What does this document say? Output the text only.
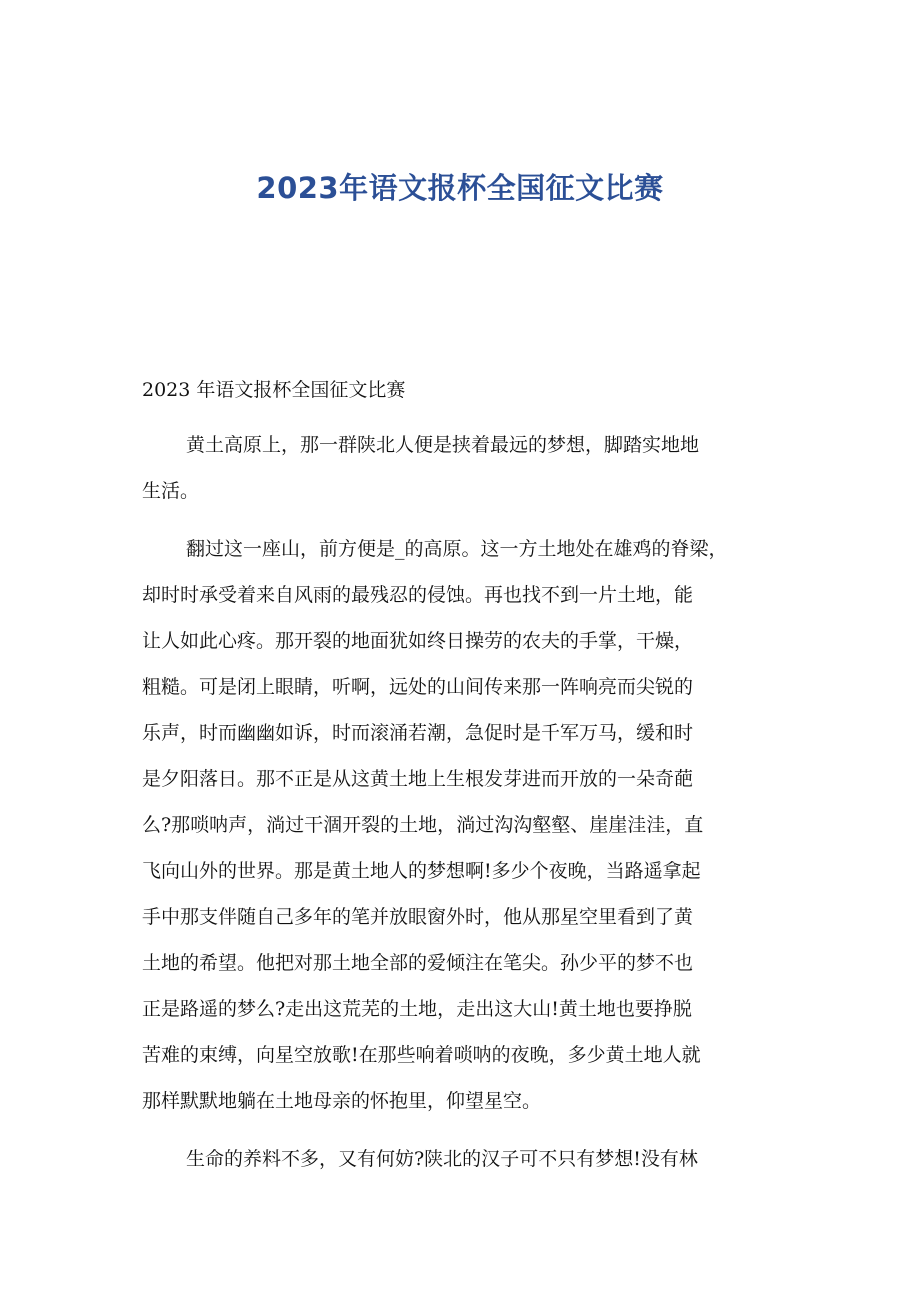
2023年语文报杯全国征文比赛

2023 年语文报杯全国征文比赛

黄土高原上，那一群陕北人便是挟着最远的梦想，脚踏实地地
生活。
翻过这一座山，前方便是_的高原。这一方土地处在雄鸡的脊梁，
却时时承受着来自风雨的最残忍的侵蚀。再也找不到一片土地，能
让人如此心疼。那开裂的地面犹如终日操劳的农夫的手掌，干燥，
粗糙。可是闭上眼睛，听啊，远处的山间传来那一阵响亮而尖锐的
乐声，时而幽幽如诉，时而滚涌若潮，急促时是千军万马，缓和时
是夕阳落日。那不正是从这黄土地上生根发芽进而开放的一朵奇葩
么?那唢呐声，淌过干涸开裂的土地，淌过沟沟壑壑、崖崖洼洼，直
飞向山外的世界。那是黄土地人的梦想啊!多少个夜晚，当路遥拿起
手中那支伴随自己多年的笔并放眼窗外时，他从那星空里看到了黄
土地的希望。他把对那土地全部的爱倾注在笔尖。孙少平的梦不也
正是路遥的梦么?走出这荒芜的土地，走出这大山!黄土地也要挣脱
苦难的束缚，向星空放歌!在那些响着唢呐的夜晚，多少黄土地人就
那样默默地躺在土地母亲的怀抱里，仰望星空。
生命的养料不多，又有何妨?陕北的汉子可不只有梦想!没有林
